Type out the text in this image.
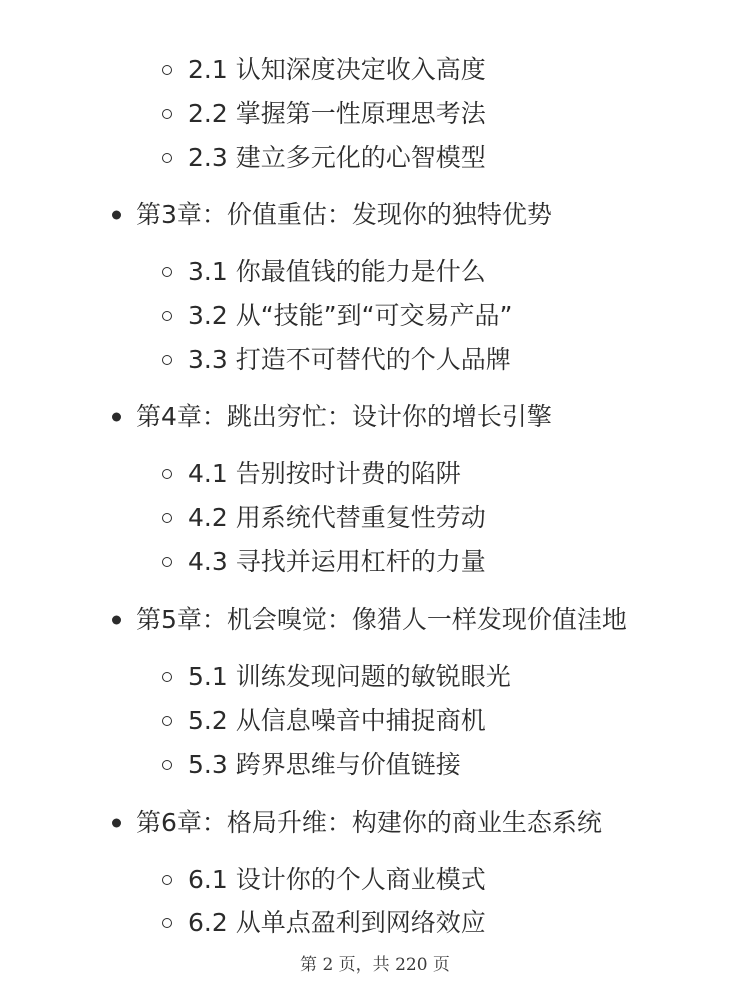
2.1 认知深度决定收入高度
2.2 掌握第一性原理思考法
2.3 建立多元化的心智模型
第3章：价值重估：发现你的独特优势
3.1 你最值钱的能力是什么
3.2 从“技能”到“可交易产品”
3.3 打造不可替代的个人品牌
第4章：跳出穷忙：设计你的增长引擎
4.1 告别按时计费的陷阱
4.2 用系统代替重复性劳动
4.3 寻找并运用杠杆的力量
第5章：机会嗅觉：像猎人一样发现价值洼地
5.1 训练发现问题的敏锐眼光
5.2 从信息噪音中捕捉商机
5.3 跨界思维与价值链接
第6章：格局升维：构建你的商业生态系统
6.1 设计你的个人商业模式
6.2 从单点盈利到网络效应
第 2 页，共 220 页
